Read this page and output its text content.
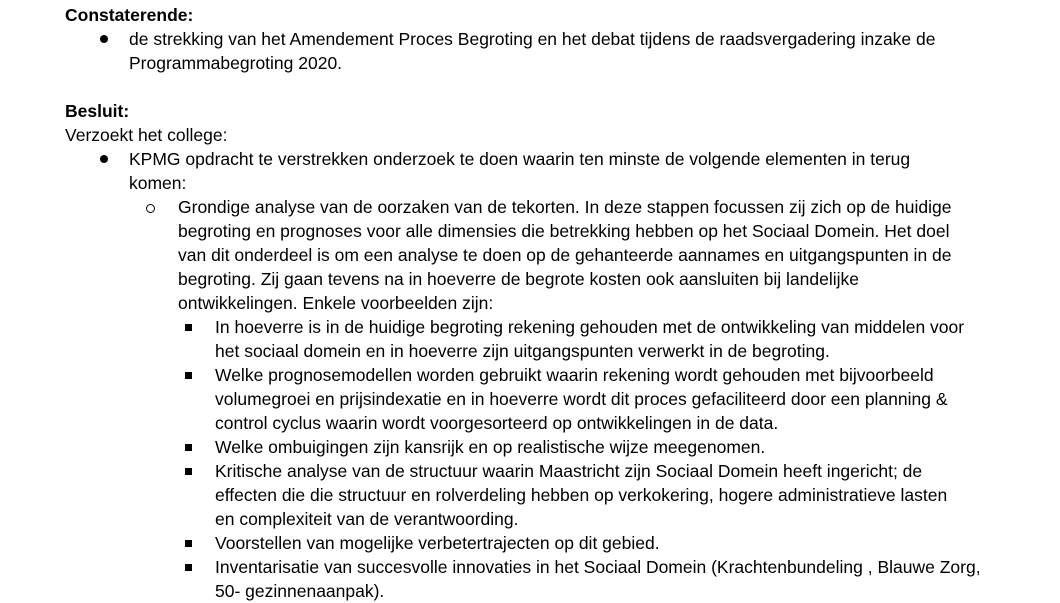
Constaterende:
de strekking van het Amendement Proces Begroting en het debat tijdens de raadsvergadering inzake de
Programmabegroting 2020.
Besluit:
Verzoekt het college:
KPMG opdracht te verstrekken onderzoek te doen waarin ten minste de volgende elementen in terug
komen:
Grondige analyse van de oorzaken van de tekorten. In deze stappen focussen zij zich op de huidige
begroting en prognoses voor alle dimensies die betrekking hebben op het Sociaal Domein. Het doel
van dit onderdeel is om een analyse te doen op de gehanteerde aannames en uitgangspunten in de
begroting. Zij gaan tevens na in hoeverre de begrote kosten ook aansluiten bij landelijke
ontwikkelingen. Enkele voorbeelden zijn:
In hoeverre is in de huidige begroting rekening gehouden met de ontwikkeling van middelen voor
het sociaal domein en in hoeverre zijn uitgangspunten verwerkt in de begroting.
Welke prognosemodellen worden gebruikt waarin rekening wordt gehouden met bijvoorbeeld
volumegroei en prijsindexatie en in hoeverre wordt dit proces gefaciliteerd door een planning &
control cyclus waarin wordt voorgesorteerd op ontwikkelingen in de data.
Welke ombuigingen zijn kansrijk en op realistische wijze meegenomen.
Kritische analyse van de structuur waarin Maastricht zijn Sociaal Domein heeft ingericht; de
effecten die die structuur en rolverdeling hebben op verkokering, hogere administratieve lasten
en complexiteit van de verantwoording.
Voorstellen van mogelijke verbetertrajecten op dit gebied.
Inventarisatie van succesvolle innovaties in het Sociaal Domein (Krachtenbundeling , Blauwe Zorg,
50- gezinnenaanpak).
